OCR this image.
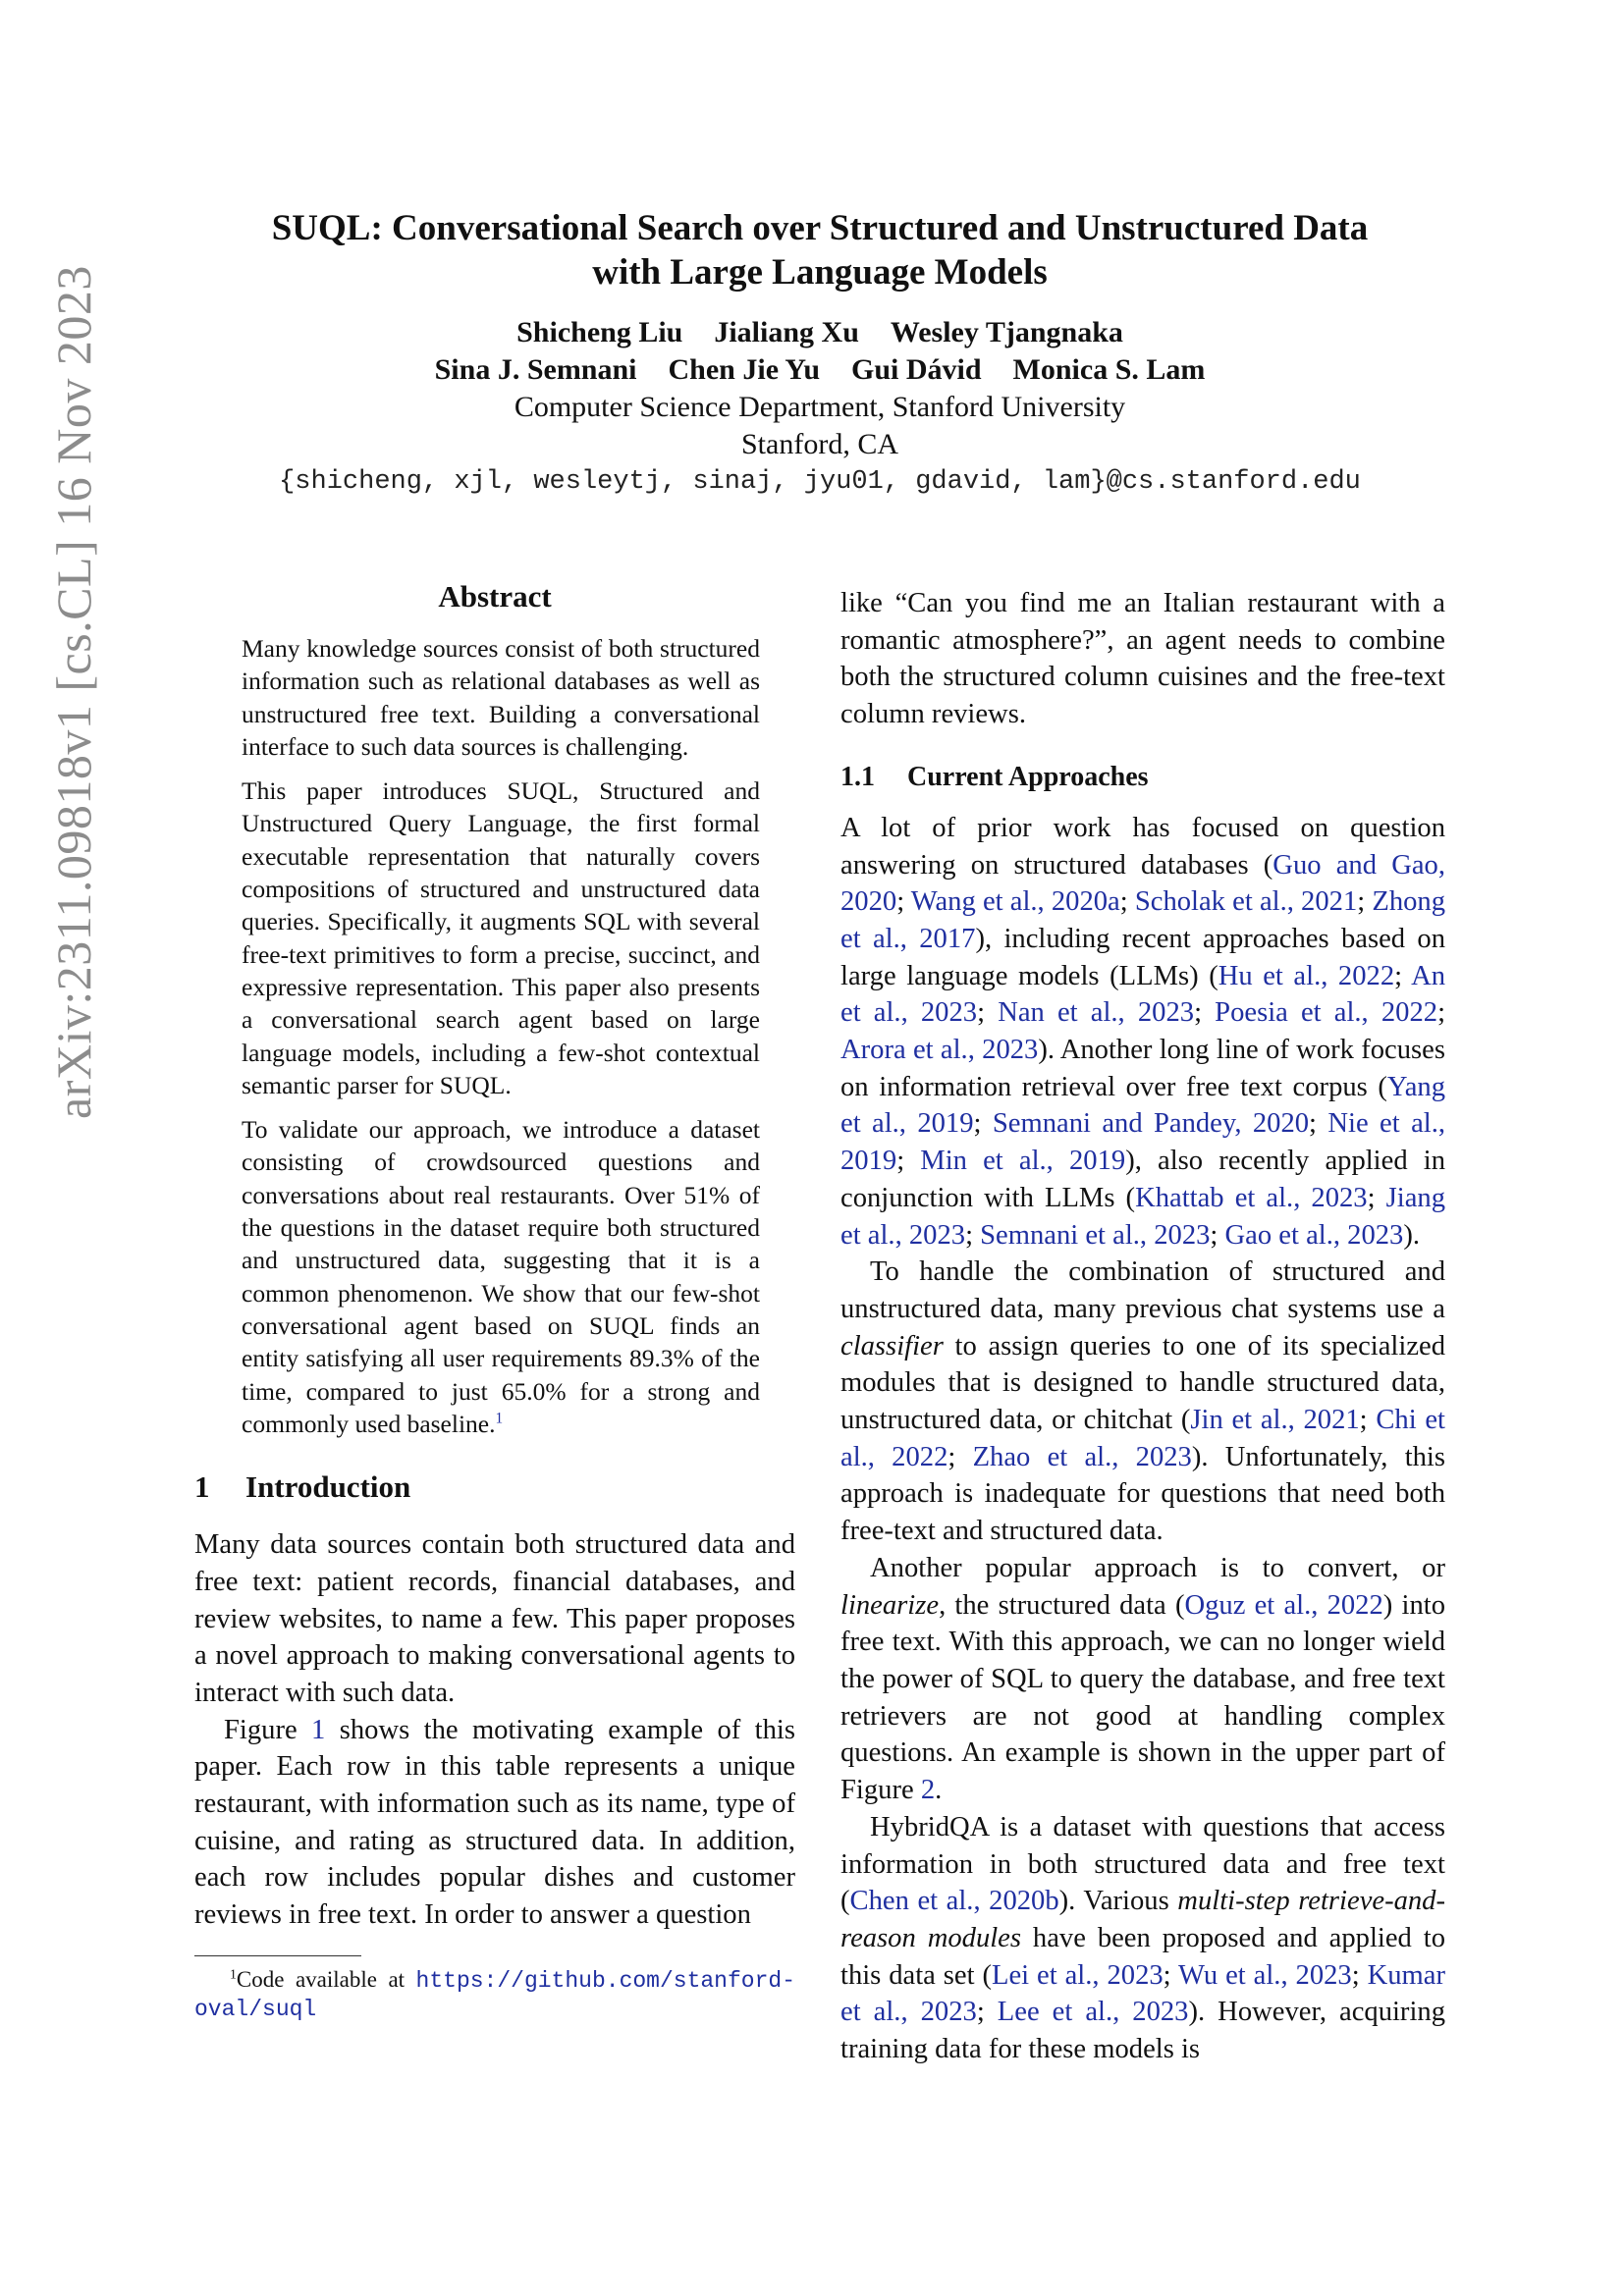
arXiv:2311.09818v1 [cs.CL] 16 Nov 2023
SUQL: Conversational Search over Structured and Unstructured Data
with Large Language Models
Shicheng Liu Jialiang Xu Wesley Tjangnaka
Sina J. Semnani Chen Jie Yu Gui Dávid Monica S. Lam
Computer Science Department, Stanford University
Stanford, CA
{shicheng, xjl, wesleytj, sinaj, jyu01, gdavid, lam}@cs.stanford.edu
Abstract

Many knowledge sources consist of both structured information such as relational databases as well as unstructured free text. Building a conversational interface to such data sources is challenging.

This paper introduces SUQL, Structured and Unstructured Query Language, the first formal executable representation that naturally covers compositions of structured and unstructured data queries. Specifically, it augments SQL with several free-text primitives to form a precise, succinct, and expressive representation. This paper also presents a conversational search agent based on large language models, including a few-shot contextual semantic parser for SUQL.

To validate our approach, we introduce a dataset consisting of crowdsourced questions and conversations about real restaurants. Over 51% of the questions in the dataset require both structured and unstructured data, suggesting that it is a common phenomenon. We show that our few-shot conversational agent based on SUQL finds an entity satisfying all user requirements 89.3% of the time, compared to just 65.0% for a strong and commonly used baseline.$^1$

1 Introduction

Many data sources contain both structured data and free text: patient records, financial databases, and review websites, to name a few. This paper proposes a novel approach to making conversational agents to interact with such data.

Figure 1 shows the motivating example of this paper. Each row in this table represents a unique restaurant, with information such as its name, type of cuisine, and rating as structured data. In addition, each row includes popular dishes and customer reviews in free text. In order to answer a question

$^1$Code available at https://github.com/stanford-oval/suql

like “Can you find me an Italian restaurant with a romantic atmosphere?”, an agent needs to combine both the structured column cuisines and the free-text column reviews.

1.1 Current Approaches

A lot of prior work has focused on question answering on structured databases (Guo and Gao, 2020; Wang et al., 2020a; Scholak et al., 2021; Zhong et al., 2017), including recent approaches based on large language models (LLMs) (Hu et al., 2022; An et al., 2023; Nan et al., 2023; Poesia et al., 2022; Arora et al., 2023). Another long line of work focuses on information retrieval over free text corpus (Yang et al., 2019; Semnani and Pandey, 2020; Nie et al., 2019; Min et al., 2019), also recently applied in conjunction with LLMs (Khattab et al., 2023; Jiang et al., 2023; Semnani et al., 2023; Gao et al., 2023).

To handle the combination of structured and unstructured data, many previous chat systems use a classifier to assign queries to one of its specialized modules that is designed to handle structured data, unstructured data, or chitchat (Jin et al., 2021; Chi et al., 2022; Zhao et al., 2023). Unfortunately, this approach is inadequate for questions that need both free-text and structured data.

Another popular approach is to convert, or linearize, the structured data (Oguz et al., 2022) into free text. With this approach, we can no longer wield the power of SQL to query the database, and free text retrievers are not good at handling complex questions. An example is shown in the upper part of Figure 2.

HybridQA is a dataset with questions that access information in both structured data and free text (Chen et al., 2020b). Various multi-step retrieve-and-reason modules have been proposed and applied to this data set (Lei et al., 2023; Wu et al., 2023; Kumar et al., 2023; Lee et al., 2023). However, acquiring training data for these models is
